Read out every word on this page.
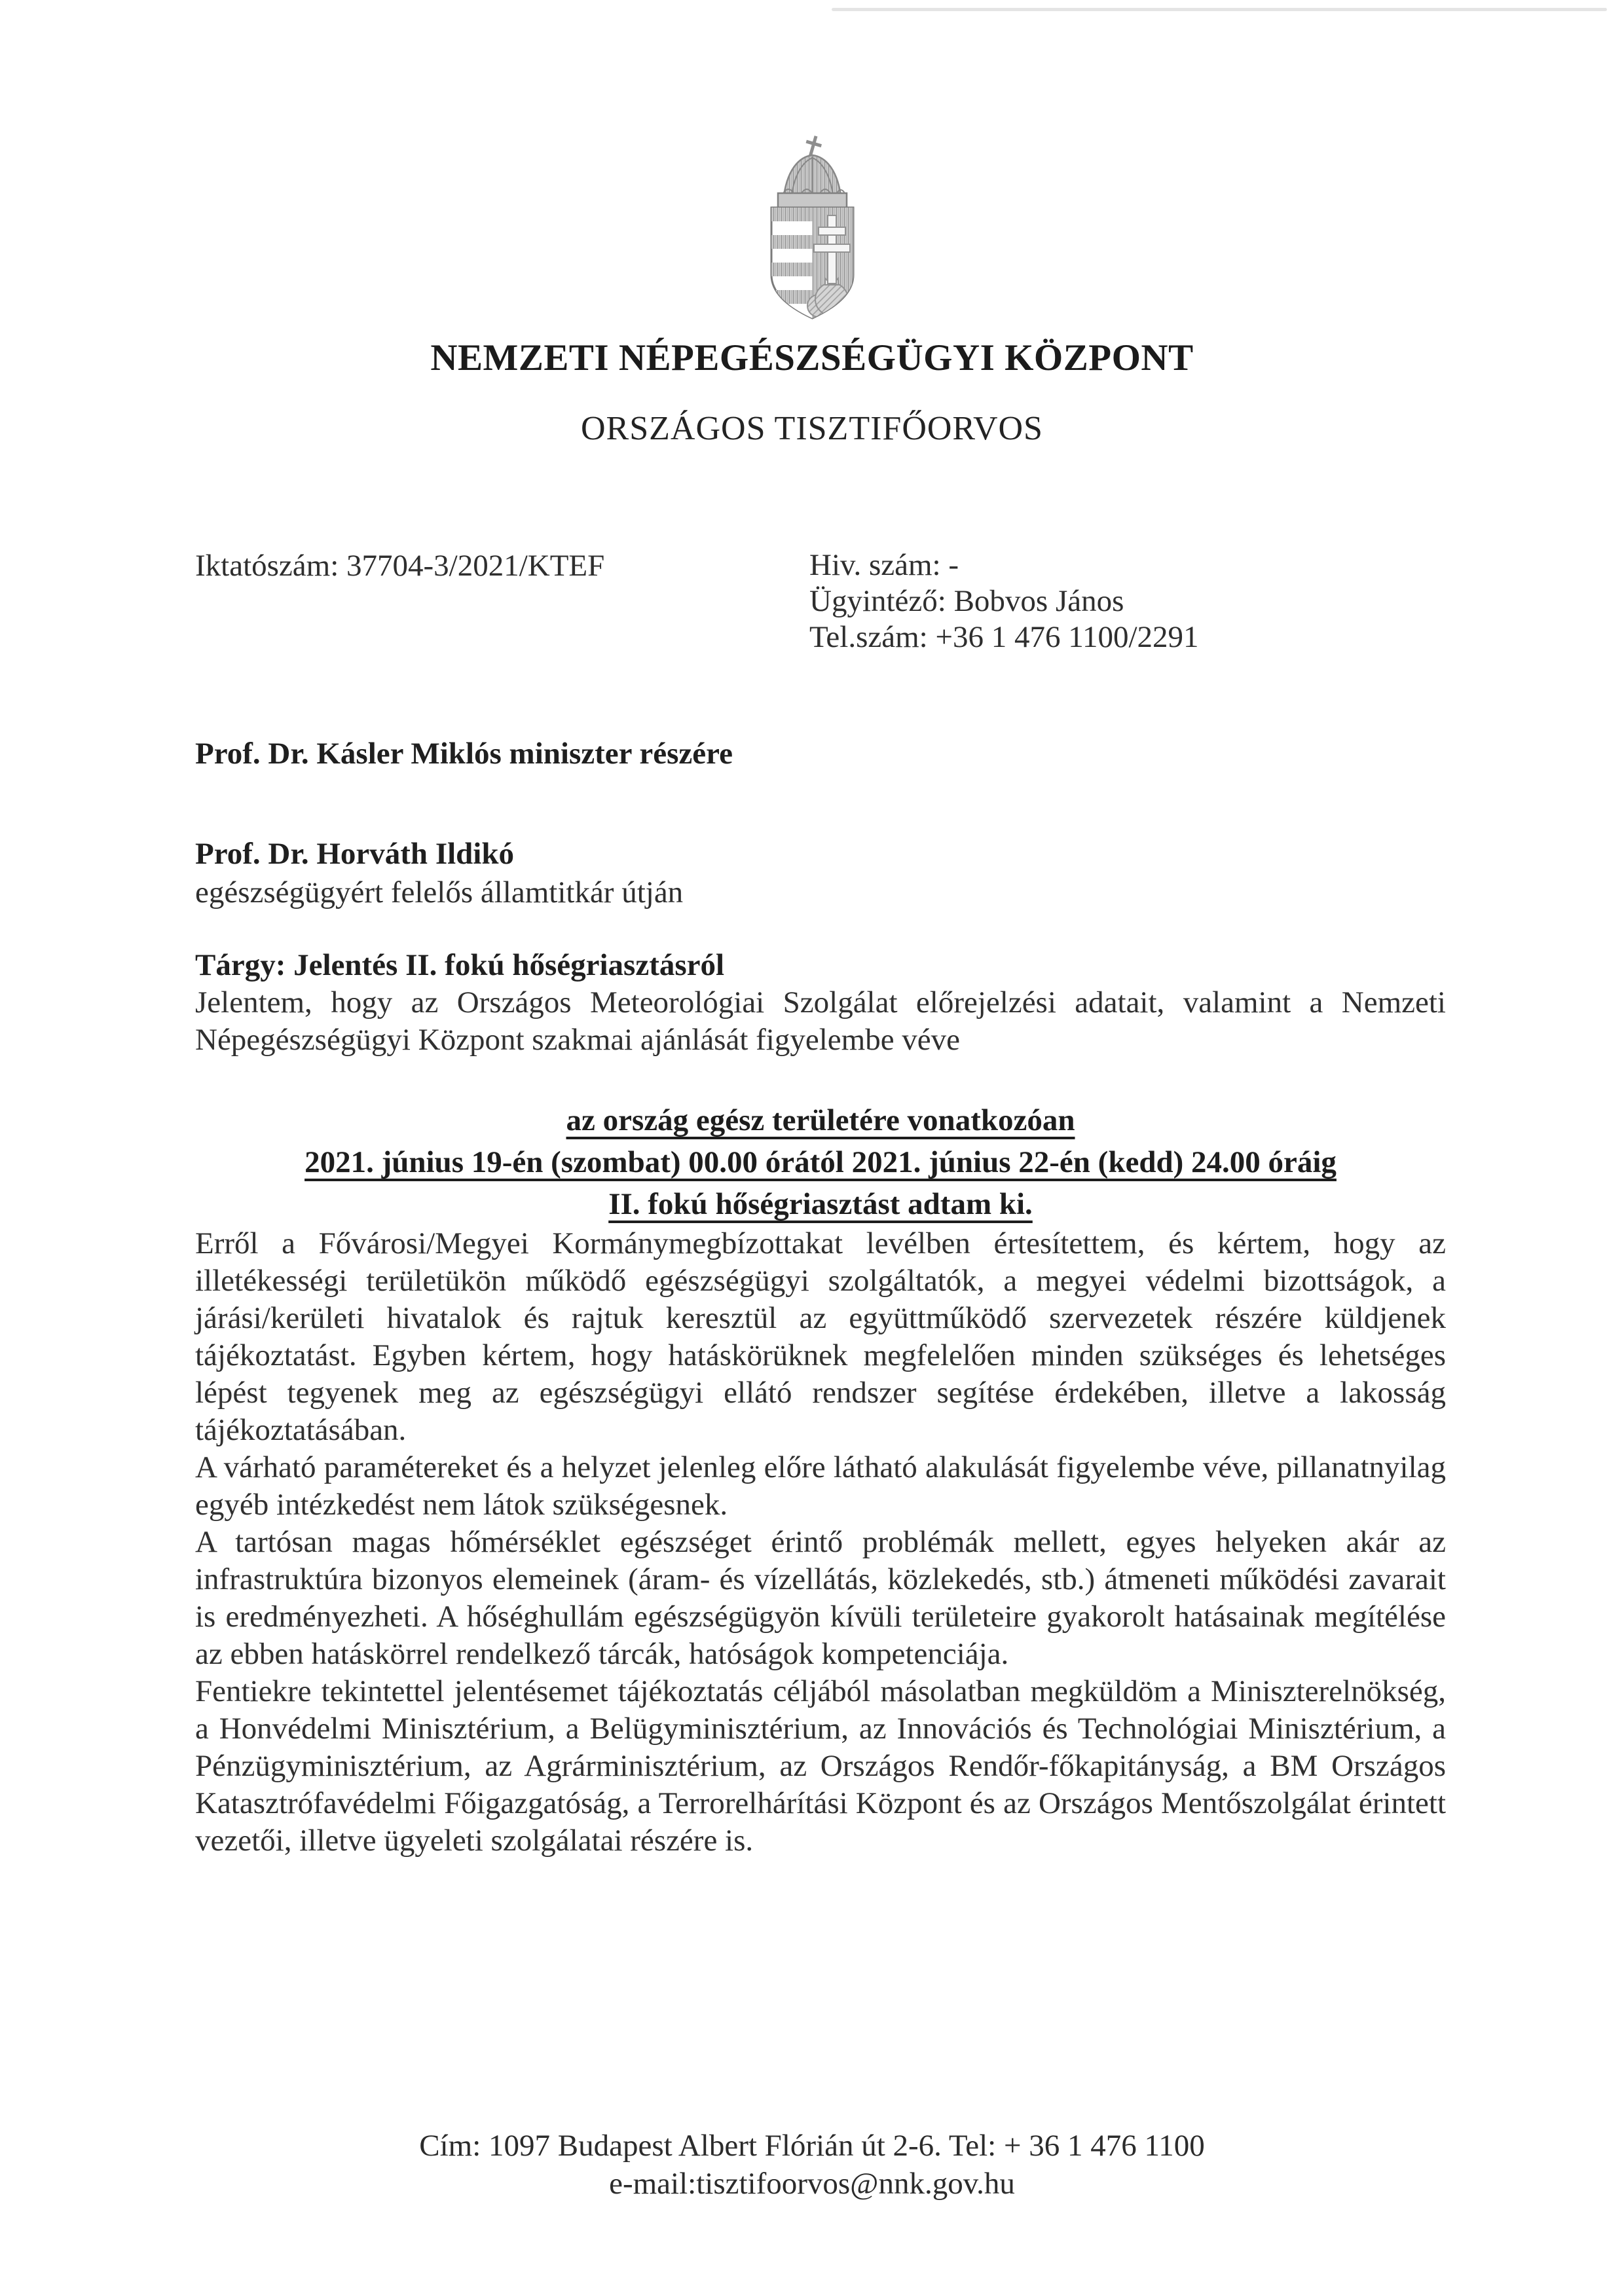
NEMZETI NÉPEGÉSZSÉGÜGYI KÖZPONT
ORSZÁGOS TISZTIFŐORVOS
Iktatószám: 37704-3/2021/KTEF	Hiv. szám: -
Ügyintéző: Bobvos János
Tel.szám: +36 1 476 1100/2291
Prof. Dr. Kásler Miklós miniszter részére
Prof. Dr. Horváth Ildikó
egészségügyért felelős államtitkár útján
Tárgy: Jelentés II. fokú hőségriasztásról

Jelentem, hogy az Országos Meteorológiai Szolgálat előrejelzési adatait, valamint a Nemzeti Népegészségügyi Központ szakmai ajánlását figyelembe véve

az ország egész területére vonatkozóan
2021. június 19-én (szombat) 00.00 órától 2021. június 22-én (kedd) 24.00 óráig
II. fokú hőségriasztást adtam ki.

Erről a Fővárosi/Megyei Kormánymegbízottakat levélben értesítettem, és kértem, hogy az illetékességi területükön működő egészségügyi szolgáltatók, a megyei védelmi bizottságok, a járási/kerületi hivatalok és rajtuk keresztül az együttműködő szervezetek részére küldjenek tájékoztatást. Egyben kértem, hogy hatáskörüknek megfelelően minden szükséges és lehetséges lépést tegyenek meg az egészségügyi ellátó rendszer segítése érdekében, illetve a lakosság tájékoztatásában.

A várható paramétereket és a helyzet jelenleg előre látható alakulását figyelembe véve, pillanatnyilag egyéb intézkedést nem látok szükségesnek.

A tartósan magas hőmérséklet egészséget érintő problémák mellett, egyes helyeken akár az infrastruktúra bizonyos elemeinek (áram- és vízellátás, közlekedés, stb.) átmeneti működési zavarait is eredményezheti. A hőséghullám egészségügyön kívüli területeire gyakorolt hatásainak megítélése az ebben hatáskörrel rendelkező tárcák, hatóságok kompetenciája.

Fentiekre tekintettel jelentésemet tájékoztatás céljából másolatban megküldöm a Miniszterelnökség, a Honvédelmi Minisztérium, a Belügyminisztérium, az Innovációs és Technológiai Minisztérium, a Pénzügyminisztérium, az Agrárminisztérium, az Országos Rendőr-főkapitányság, a BM Országos Katasztrófavédelmi Főigazgatóság, a Terrorelhárítási Központ és az Országos Mentőszolgálat érintett vezetői, illetve ügyeleti szolgálatai részére is.

Cím: 1097 Budapest Albert Flórián út 2-6. Tel: + 36 1 476 1100
e-mail:tisztifoorvos@nnk.gov.hu
